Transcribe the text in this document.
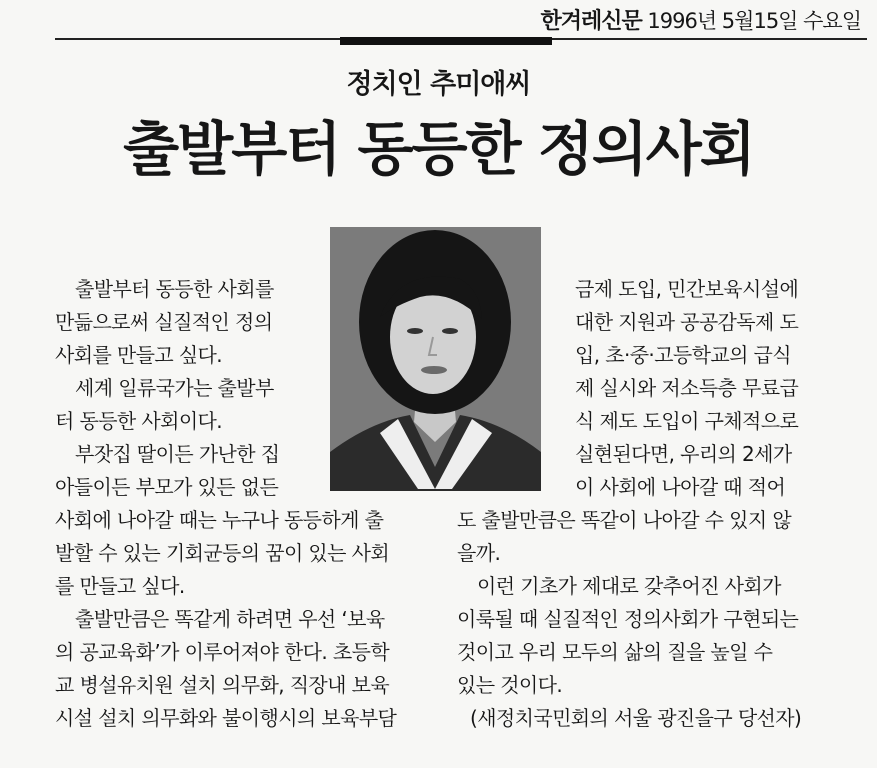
한겨레신문 1996년 5월15일 수요일
정치인 추미애씨
출발부터 동등한 정의사회
출발부터 동등한 사회를
만듦으로써 실질적인 정의
사회를 만들고 싶다.
세계 일류국가는 출발부
터 동등한 사회이다.
부잣집 딸이든 가난한 집
아들이든 부모가 있든 없든
사회에 나아갈 때는 누구나 동등하게 출
발할 수 있는 기회균등의 꿈이 있는 사회
를 만들고 싶다.
출발만큼은 똑같게 하려면 우선 ‘보육
의 공교육화’가 이루어져야 한다. 초등학
교 병설유치원 설치 의무화, 직장내 보육
시설 설치 의무화와 불이행시의 보육부담
금제 도입, 민간보육시설에
대한 지원과 공공감독제 도
입, 초·중·고등학교의 급식
제 실시와 저소득층 무료급
식 제도 도입이 구체적으로
실현된다면, 우리의 2세가
이 사회에 나아갈 때 적어
도 출발만큼은 똑같이 나아갈 수 있지 않
을까.
이런 기초가 제대로 갖추어진 사회가
이룩될 때 실질적인 정의사회가 구현되는
것이고 우리 모두의 삶의 질을 높일 수
있는 것이다.
(새정치국민회의 서울 광진을구 당선자)
